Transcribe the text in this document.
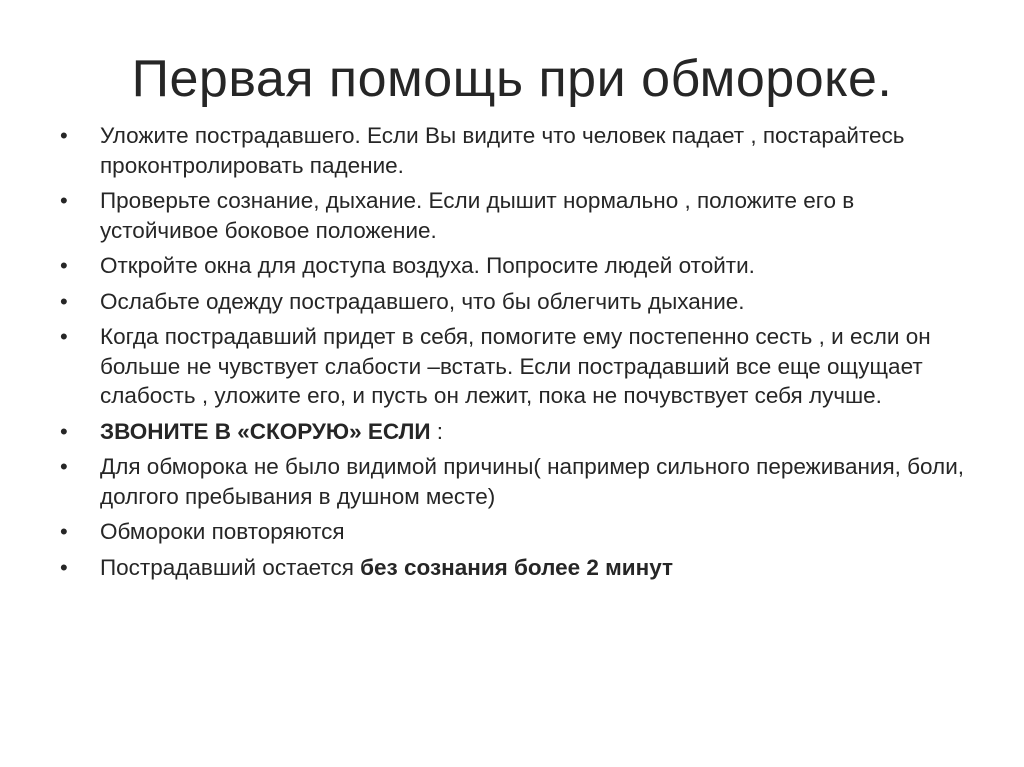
Первая помощь при обмороке.
• Уложите пострадавшего. Если Вы видите что человек падает , постарайтесь проконтролировать падение.
• Проверьте сознание, дыхание. Если дышит нормально , положите его в устойчивое боковое положение.
• Откройте окна для доступа воздуха. Попросите людей отойти.
• Ослабьте одежду пострадавшего, что бы облегчить дыхание.
• Когда пострадавший придет в себя, помогите ему постепенно сесть , и если он больше не чувствует слабости –встать. Если пострадавший все еще ощущает слабость , уложите его, и пусть он лежит, пока не почувствует себя лучше.
• ЗВОНИТЕ В «СКОРУЮ» ЕСЛИ :
• Для обморока не было видимой причины( например сильного переживания, боли, долгого пребывания в душном месте)
• Обмороки повторяются
• Пострадавший остается без сознания более 2 минут
